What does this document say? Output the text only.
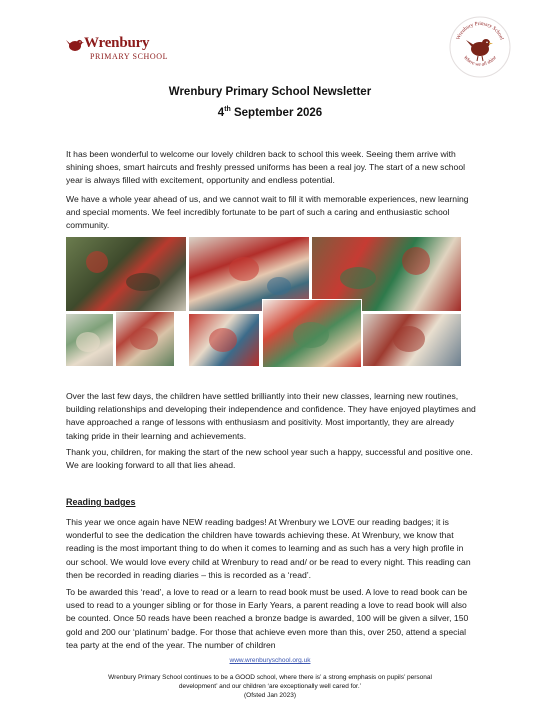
Wrenbury
PRIMARY SCHOOL
Wrenbury Primary School
Where we all shine
Wrenbury Primary School Newsletter
4th September 2026

It has been wonderful to welcome our lovely children back to school this week. Seeing them arrive with shining shoes, smart haircuts and freshly pressed uniforms has been a real joy. The start of a new school year is always filled with excitement, opportunity and endless potential.

We have a whole year ahead of us, and we cannot wait to fill it with memorable experiences, new learning and special moments. We feel incredibly fortunate to be part of such a caring and enthusiastic school community.

Over the last few days, the children have settled brilliantly into their new classes, learning new routines, building relationships and developing their independence and confidence. They have enjoyed playtimes and have approached a range of lessons with enthusiasm and positivity. Most importantly, they are already taking pride in their learning and achievements.

Thank you, children, for making the start of the new school year such a happy, successful and positive one. We are looking forward to all that lies ahead.

Reading badges

This year we once again have NEW reading badges! At Wrenbury we LOVE our reading badges; it is wonderful to see the dedication the children have towards achieving these. At Wrenbury, we know that reading is the most important thing to do when it comes to learning and as such has a very high profile in our school. We would love every child at Wrenbury to read and/ or be read to every night. This reading can then be recorded in reading diaries – this is recorded as a ‘read’.

To be awarded this ‘read’, a love to read or a learn to read book must be used. A love to read book can be used to read to a younger sibling or for those in Early Years, a parent reading a love to read book will also be counted. Once 50 reads have been reached a bronze badge is awarded, 100 will be given a silver, 150 gold and 200 our ‘platinum’ badge. For those that achieve even more than this, over 250, attend a special tea party at the end of the year. The number of children

www.wrenburyschool.org.uk
Wrenbury Primary School continues to be a GOOD school, where there is’ a strong emphasis on pupils’ personal
development’ and our children ‘are exceptionally well cared for.’
(Ofsted Jan 2023)
